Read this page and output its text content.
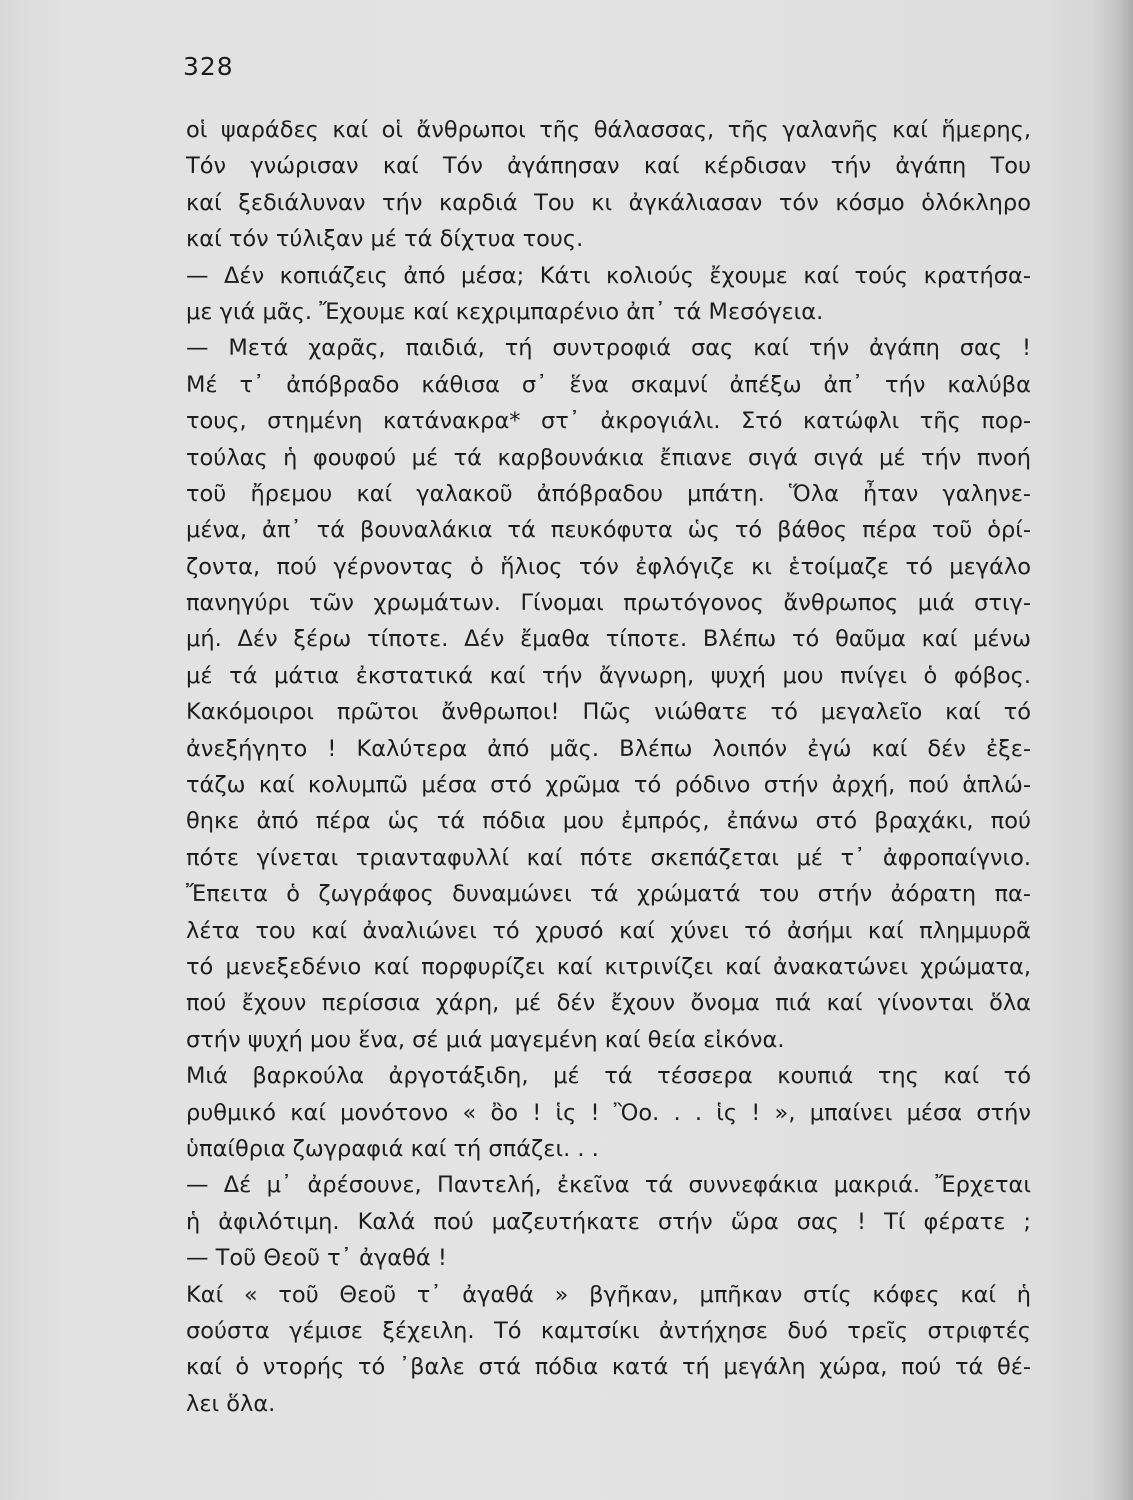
328
οἱ ψαράδες καί οἱ ἄνθρωποι τῆς θάλασσας, τῆς γαλανῆς καί ἥμερης,
Τόν γνώρισαν καί Τόν ἀγάπησαν καί κέρδισαν τήν ἀγάπη Του
καί ξεδιάλυναν τήν καρδιά Του κι ἀγκάλιασαν τόν κόσμο ὁλόκληρο
καί τόν τύλιξαν μέ τά δίχτυα τους.
— Δέν κοπιάζεις ἀπό μέσα; Κάτι κολιούς ἔχουμε καί τούς κρατήσα-
με γιά μᾶς. Ἔχουμε καί κεχριμπαρένιο ἀπ᾽ τά Μεσόγεια.
— Μετά χαρᾶς, παιδιά, τή συντροφιά σας καί τήν ἀγάπη σας !
Μέ τ᾽ ἀπόβραδο κάθισα σ᾽ ἕνα σκαμνί ἀπέξω ἀπ᾽ τήν καλύβα
τους, στημένη κατάνακρα* στ᾽ ἀκρογιάλι. Στό κατώφλι τῆς πορ-
τούλας ἡ φουφού μέ τά καρβουνάκια ἔπιανε σιγά σιγά μέ τήν πνοή
τοῦ ἤρεμου καί γαλακοῦ ἀπόβραδου μπάτη. Ὅλα ἦταν γαληνε-
μένα, ἀπ᾽ τά βουναλάκια τά πευκόφυτα ὡς τό βάθος πέρα τοῦ ὁρί-
ζοντα, πού γέρνοντας ὁ ἥλιος τόν ἐφλόγιζε κι ἑτοίμαζε τό μεγάλο
πανηγύρι τῶν χρωμάτων. Γίνομαι πρωτόγονος ἄνθρωπος μιά στιγ-
μή. Δέν ξέρω τίποτε. Δέν ἔμαθα τίποτε. Βλέπω τό θαῦμα καί μένω
μέ τά μάτια ἐκστατικά καί τήν ἄγνωρη, ψυχή μου πνίγει ὁ φόβος.
Κακόμοιροι πρῶτοι ἄνθρωποι! Πῶς νιώθατε τό μεγαλεῖο καί τό
ἀνεξήγητο ! Καλύτερα ἀπό μᾶς. Βλέπω λοιπόν ἐγώ καί δέν ἐξε-
τάζω καί κολυμπῶ μέσα στό χρῶμα τό ρόδινο στήν ἀρχή, πού ἁπλώ-
θηκε ἀπό πέρα ὡς τά πόδια μου ἐμπρός, ἐπάνω στό βραχάκι, πού
πότε γίνεται τριανταφυλλί καί πότε σκεπάζεται μέ τ᾽ ἀφροπαίγνιο.
Ἔπειτα ὁ ζωγράφος δυναμώνει τά χρώματά του στήν ἀόρατη πα-
λέτα του καί ἀναλιώνει τό χρυσό καί χύνει τό ἀσήμι καί πλημμυρᾶ
τό μενεξεδένιο καί πορφυρίζει καί κιτρινίζει καί ἀνακατώνει χρώματα,
πού ἔχουν περίσσια χάρη, μέ δέν ἔχουν ὄνομα πιά καί γίνονται ὅλα
στήν ψυχή μου ἕνα, σέ μιά μαγεμένη καί θεία εἰκόνα.
Μιά βαρκούλα ἀργοτάξιδη, μέ τά τέσσερα κουπιά της καί τό
ρυθμικό καί μονότονο « ὂο ! ἱς ! Ὂο. . . ἱς ! », μπαίνει μέσα στήν
ὑπαίθρια ζωγραφιά καί τή σπάζει. . .
— Δέ μ᾽ ἀρέσουνε, Παντελή, ἐκεῖνα τά συννεφάκια μακριά. Ἔρχεται
ἡ ἀφιλότιμη. Καλά πού μαζευτήκατε στήν ὥρα σας ! Τί φέρατε ;
— Τοῦ Θεοῦ τ᾽ ἀγαθά !
Καί « τοῦ Θεοῦ τ᾽ ἀγαθά » βγῆκαν, μπῆκαν στίς κόφες καί ἡ
σούστα γέμισε ξέχειλη. Τό καμτσίκι ἀντήχησε δυό τρεῖς στριφτές
καί ὁ ντορής τό ᾽βαλε στά πόδια κατά τή μεγάλη χώρα, πού τά θέ-
λει ὅλα.
